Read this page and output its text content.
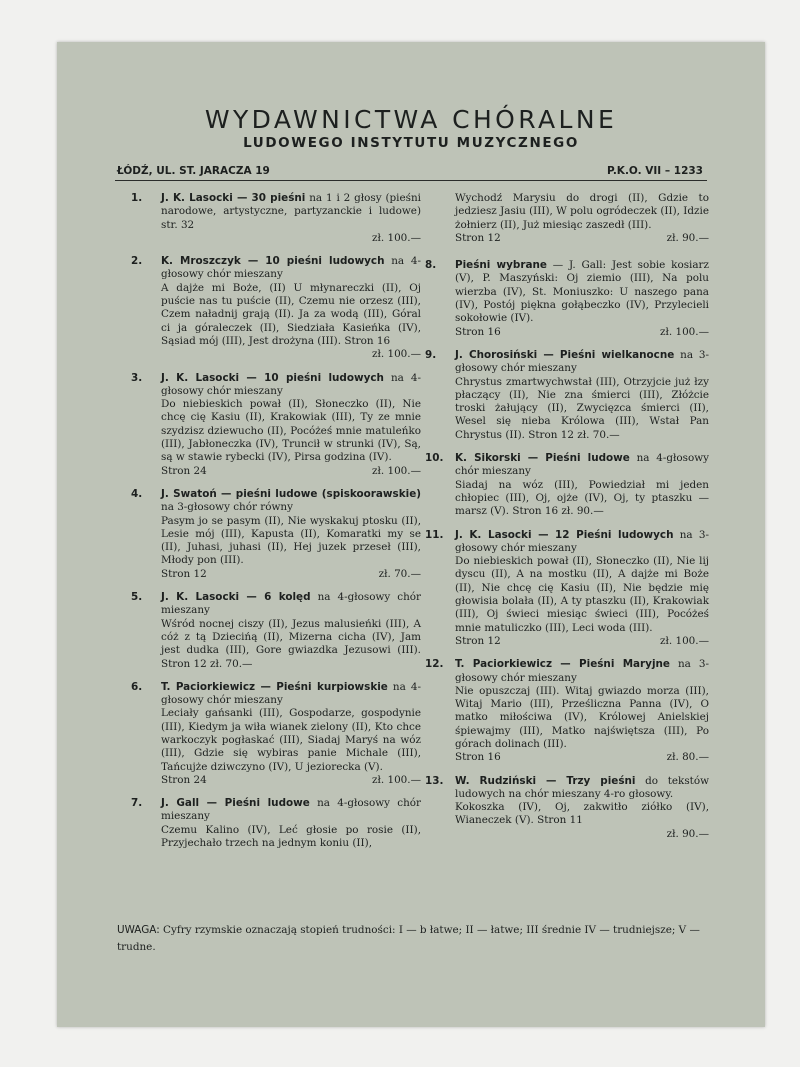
WYDAWNICTWA CHÓRALNE
LUDOWEGO INSTYTUTU MUZYCZNEGO
ŁÓDŹ, UL. ST. JARACZA 19	P.K.O. VII – 1233
1. J. K. Lasocki — 30 pieśni na 1 i 2 głosy (pieśni narodowe, artystyczne, partyzanckie i ludowe) str. 32
zł. 100.—
2. K. Mroszczyk — 10 pieśni ludowych na 4-głosowy chór mieszany
A dajże mi Boże, (II) U młynareczki (II), Oj puście nas tu puście (II), Czemu nie orzesz (III), Czem naładnij grają (II). Ja za wodą (III), Góral ci ja góraleczek (II), Siedziała Kasieńka (IV), Sąsiad mój (III), Jest drożyna (III). Stron 16
zł. 100.—
3. J. K. Lasocki — 10 pieśni ludowych na 4-głosowy chór mieszany
Do niebieskich pował (II), Słoneczko (II), Nie chcę cię Kasiu (II), Krakowiak (III), Ty ze mnie szydzisz dziewucho (II), Pocóżeś mnie matuleńko (III), Jabłoneczka (IV), Truncił w strunki (IV), Są, są w stawie rybecki (IV), Pirsa godzina (IV).
Stron 24	zł. 100.—
4. J. Swatoń — pieśni ludowe (spiskoorawskie) na 3-głosowy chór równy
Pasym jo se pasym (II), Nie wyskakuj ptosku (II), Lesie mój (III), Kapusta (II), Komaratki my se (II), Juhasi, juhasi (II), Hej juzek przeseł (III), Młody pon (III).
Stron 12	zł. 70.—
5. J. K. Lasocki — 6 kolęd na 4-głosowy chór mieszany
Wśród nocnej ciszy (II), Jezus malusieńki (III), A cóż z tą Dziecińą (II), Mizerna cicha (IV), Jam jest dudka (III), Gore gwiazdka Jezusowi (III). Stron 12 zł. 70.—
6. T. Paciorkiewicz — Pieśni kurpiowskie na 4-głosowy chór mieszany
Leciały gańsanki (III), Gospodarze, gospodynie (III), Kiedym ja wiła wianek zielony (II), Kto chce warkoczyk pogłaskać (III), Siadaj Maryś na wóz (III), Gdzie się wybiras panie Michale (III), Tańcujże dziwczyno (IV), U jeziorecka (V).
Stron 24	zł. 100.—
7. J. Gall — Pieśni ludowe na 4-głosowy chór mieszany
Czemu Kalino (IV), Leć głosie po rosie (II), Przyjechało trzech na jednym koniu (II),
Wychodź Marysiu do drogi (II), Gdzie to jedziesz Jasiu (III), W polu ogródeczek (II), Idzie żołnierz (II), Już miesiąc zaszedł (III).
Stron 12	zł. 90.—
8. Pieśni wybrane — J. Gall: Jest sobie kosiarz (V), P. Maszyński: Oj ziemio (III), Na polu wierzba (IV), St. Moniuszko: U naszego pana (IV), Postój piękna gołąbeczko (IV), Przylecieli sokołowie (IV).
Stron 16	zł. 100.—
9. J. Chorosiński — Pieśni wielkanocne na 3-głosowy chór mieszany
Chrystus zmartwychwstał (III), Otrzyjcie już łzy płaczący (II), Nie zna śmierci (III), Złóżcie troski żałujący (II), Zwycięzca śmierci (II), Wesel się nieba Królowa (III), Wstał Pan Chrystus (II). Stron 12 zł. 70.—
10. K. Sikorski — Pieśni ludowe na 4-głosowy chór mieszany
Siadaj na wóz (III), Powiedział mi jeden chłopiec (III), Oj, ojże (IV), Oj, ty ptaszku — marsz (V). Stron 16 zł. 90.—
11. J. K. Lasocki — 12 Pieśni ludowych na 3-głosowy chór mieszany
Do niebieskich pował (II), Słoneczko (II), Nie lij dyscu (II), A na mostku (II), A dajże mi Boże (II), Nie chcę cię Kasiu (II), Nie będzie mię głowisia bolała (II), A ty ptaszku (II), Krakowiak (III), Oj świeci miesiąc świeci (III), Pocóżeś mnie matuliczko (III), Leci woda (III).
Stron 12	zł. 100.—
12. T. Paciorkiewicz — Pieśni Maryjne na 3-głosowy chór mieszany
Nie opuszczaj (III). Witaj gwiazdo morza (III), Witaj Mario (III), Prześliczna Panna (IV), O matko miłościwa (IV), Królowej Anielskiej śpiewajmy (III), Matko najświętsza (III), Po górach dolinach (III).
Stron 16	zł. 80.—
13. W. Rudziński — Trzy pieśni do tekstów ludowych na chór mieszany 4-ro głosowy.
Kokoszka (IV), Oj, zakwitło ziółko (IV), Wianeczek (V). Stron 11
zł. 90.—
UWAGA: Cyfry rzymskie oznaczają stopień trudności: I — b łatwe; II — łatwe; III średnie IV — trudniejsze; V — trudne.
